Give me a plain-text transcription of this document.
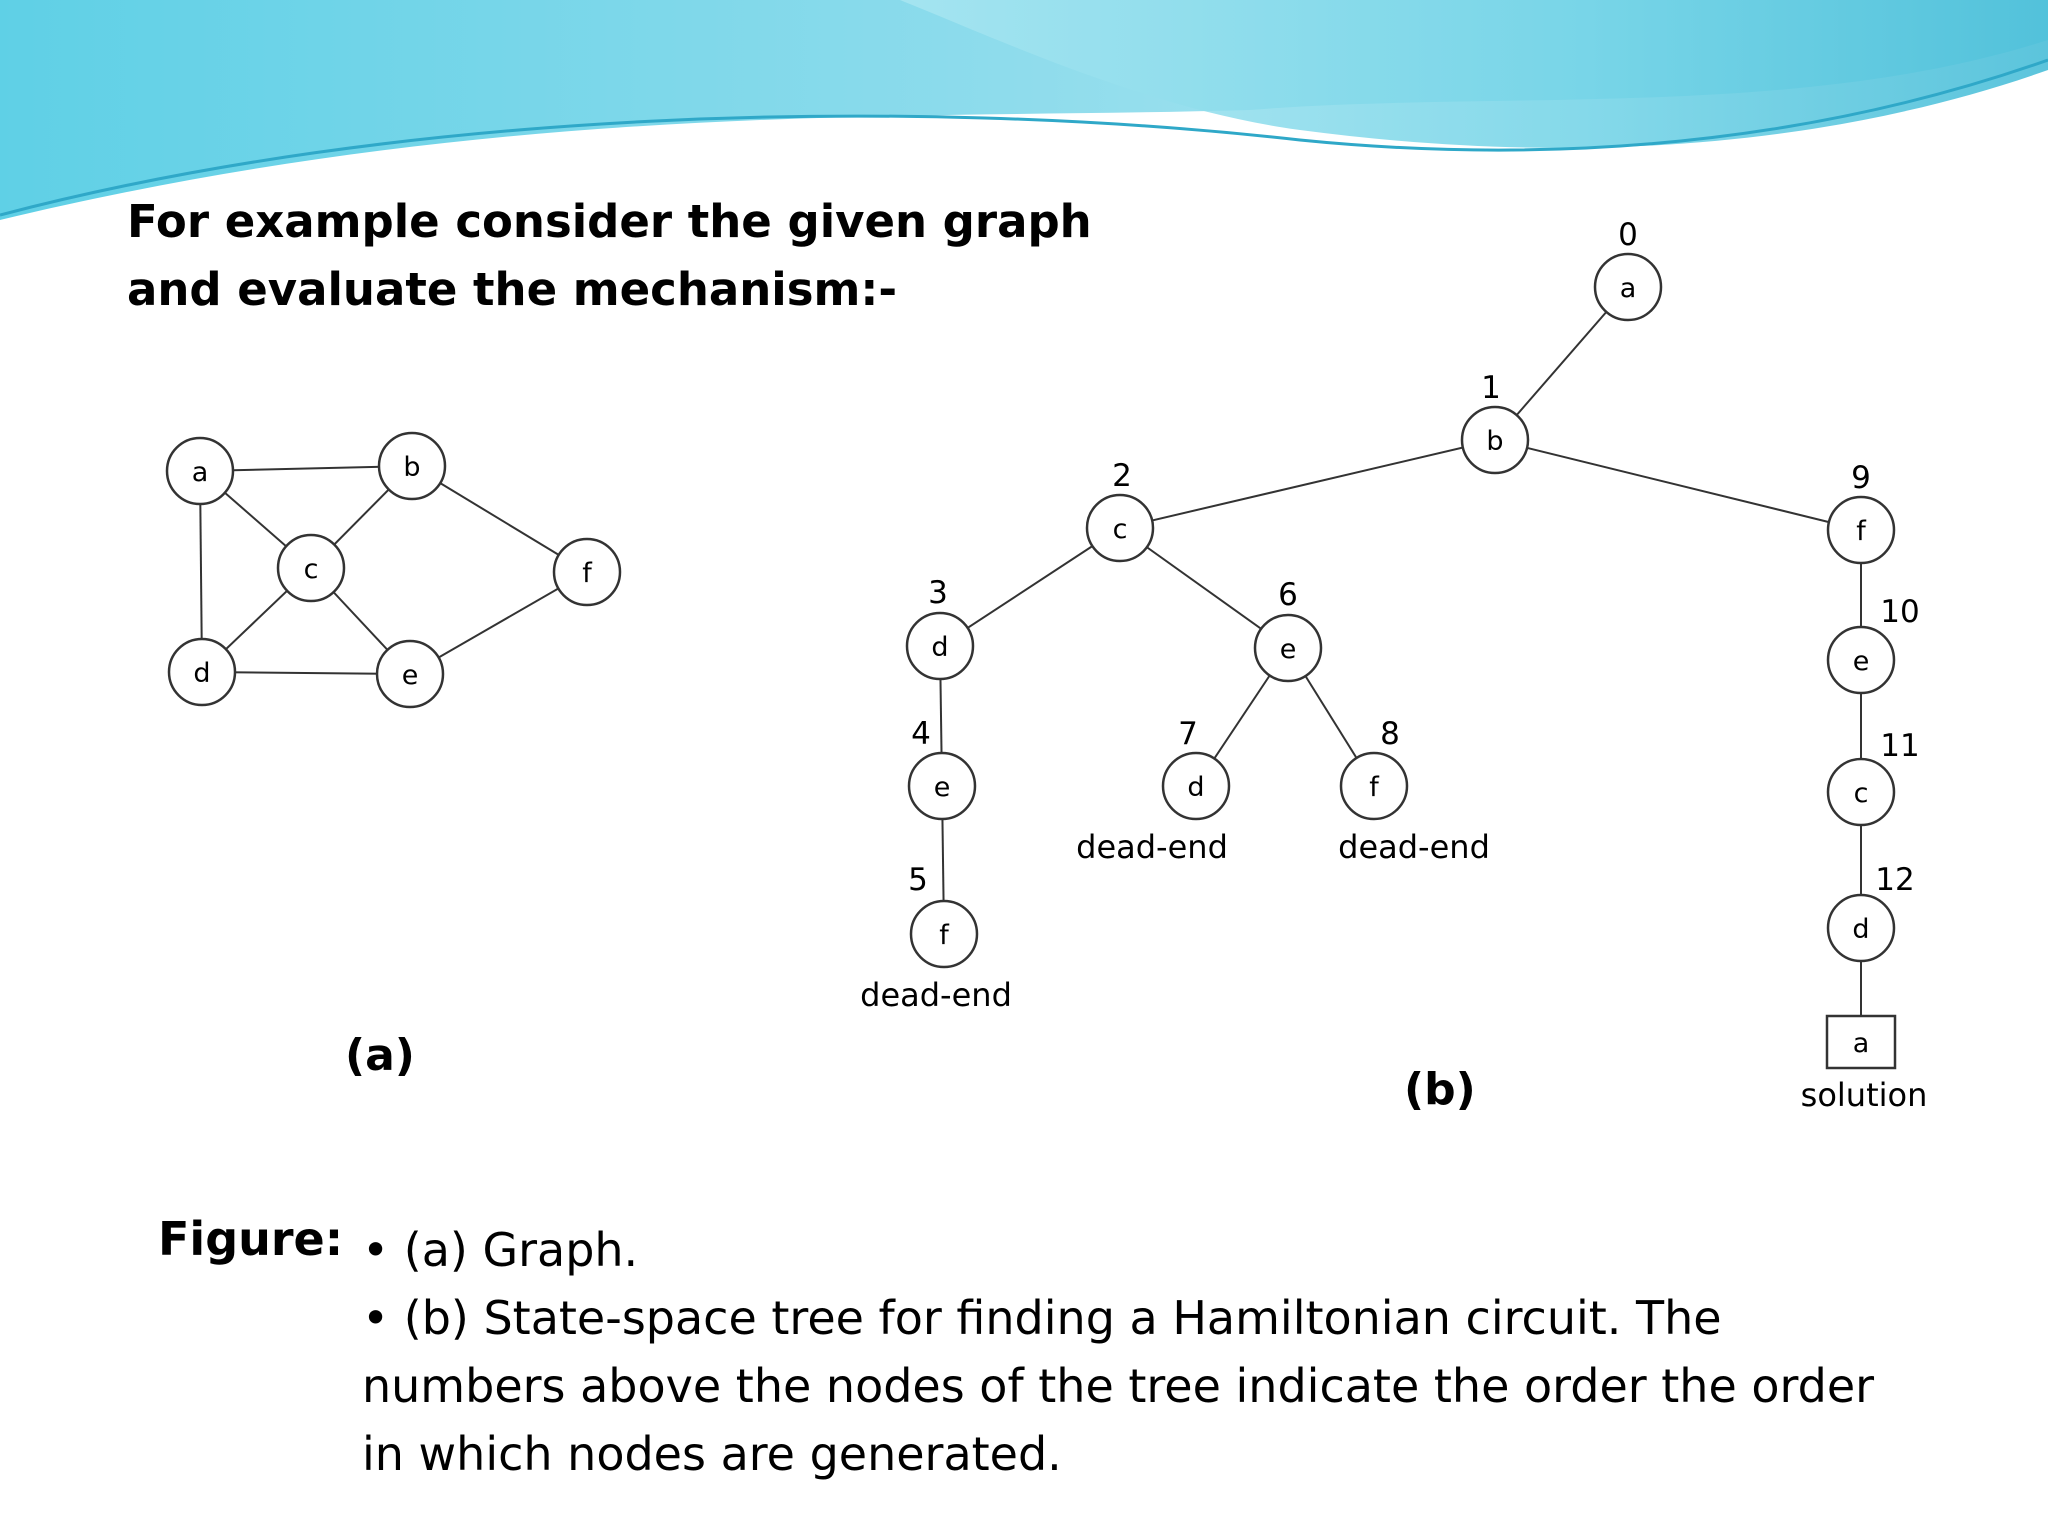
For example consider the given graph
and evaluate the mechanism:-
a	b
c
d	e
f
a
0
b
1
c
2
d
3
e
4
f
5
dead-end
e
6
d
7
dead-end
f
8
dead-end
f
9
e
10
c
11
d
12
a
solution
(a)
(b)
Figure: • (a) Graph.

• (b) State-space tree for finding a Hamiltonian circuit. The numbers above the nodes of the tree indicate the order the order in which nodes are generated.
